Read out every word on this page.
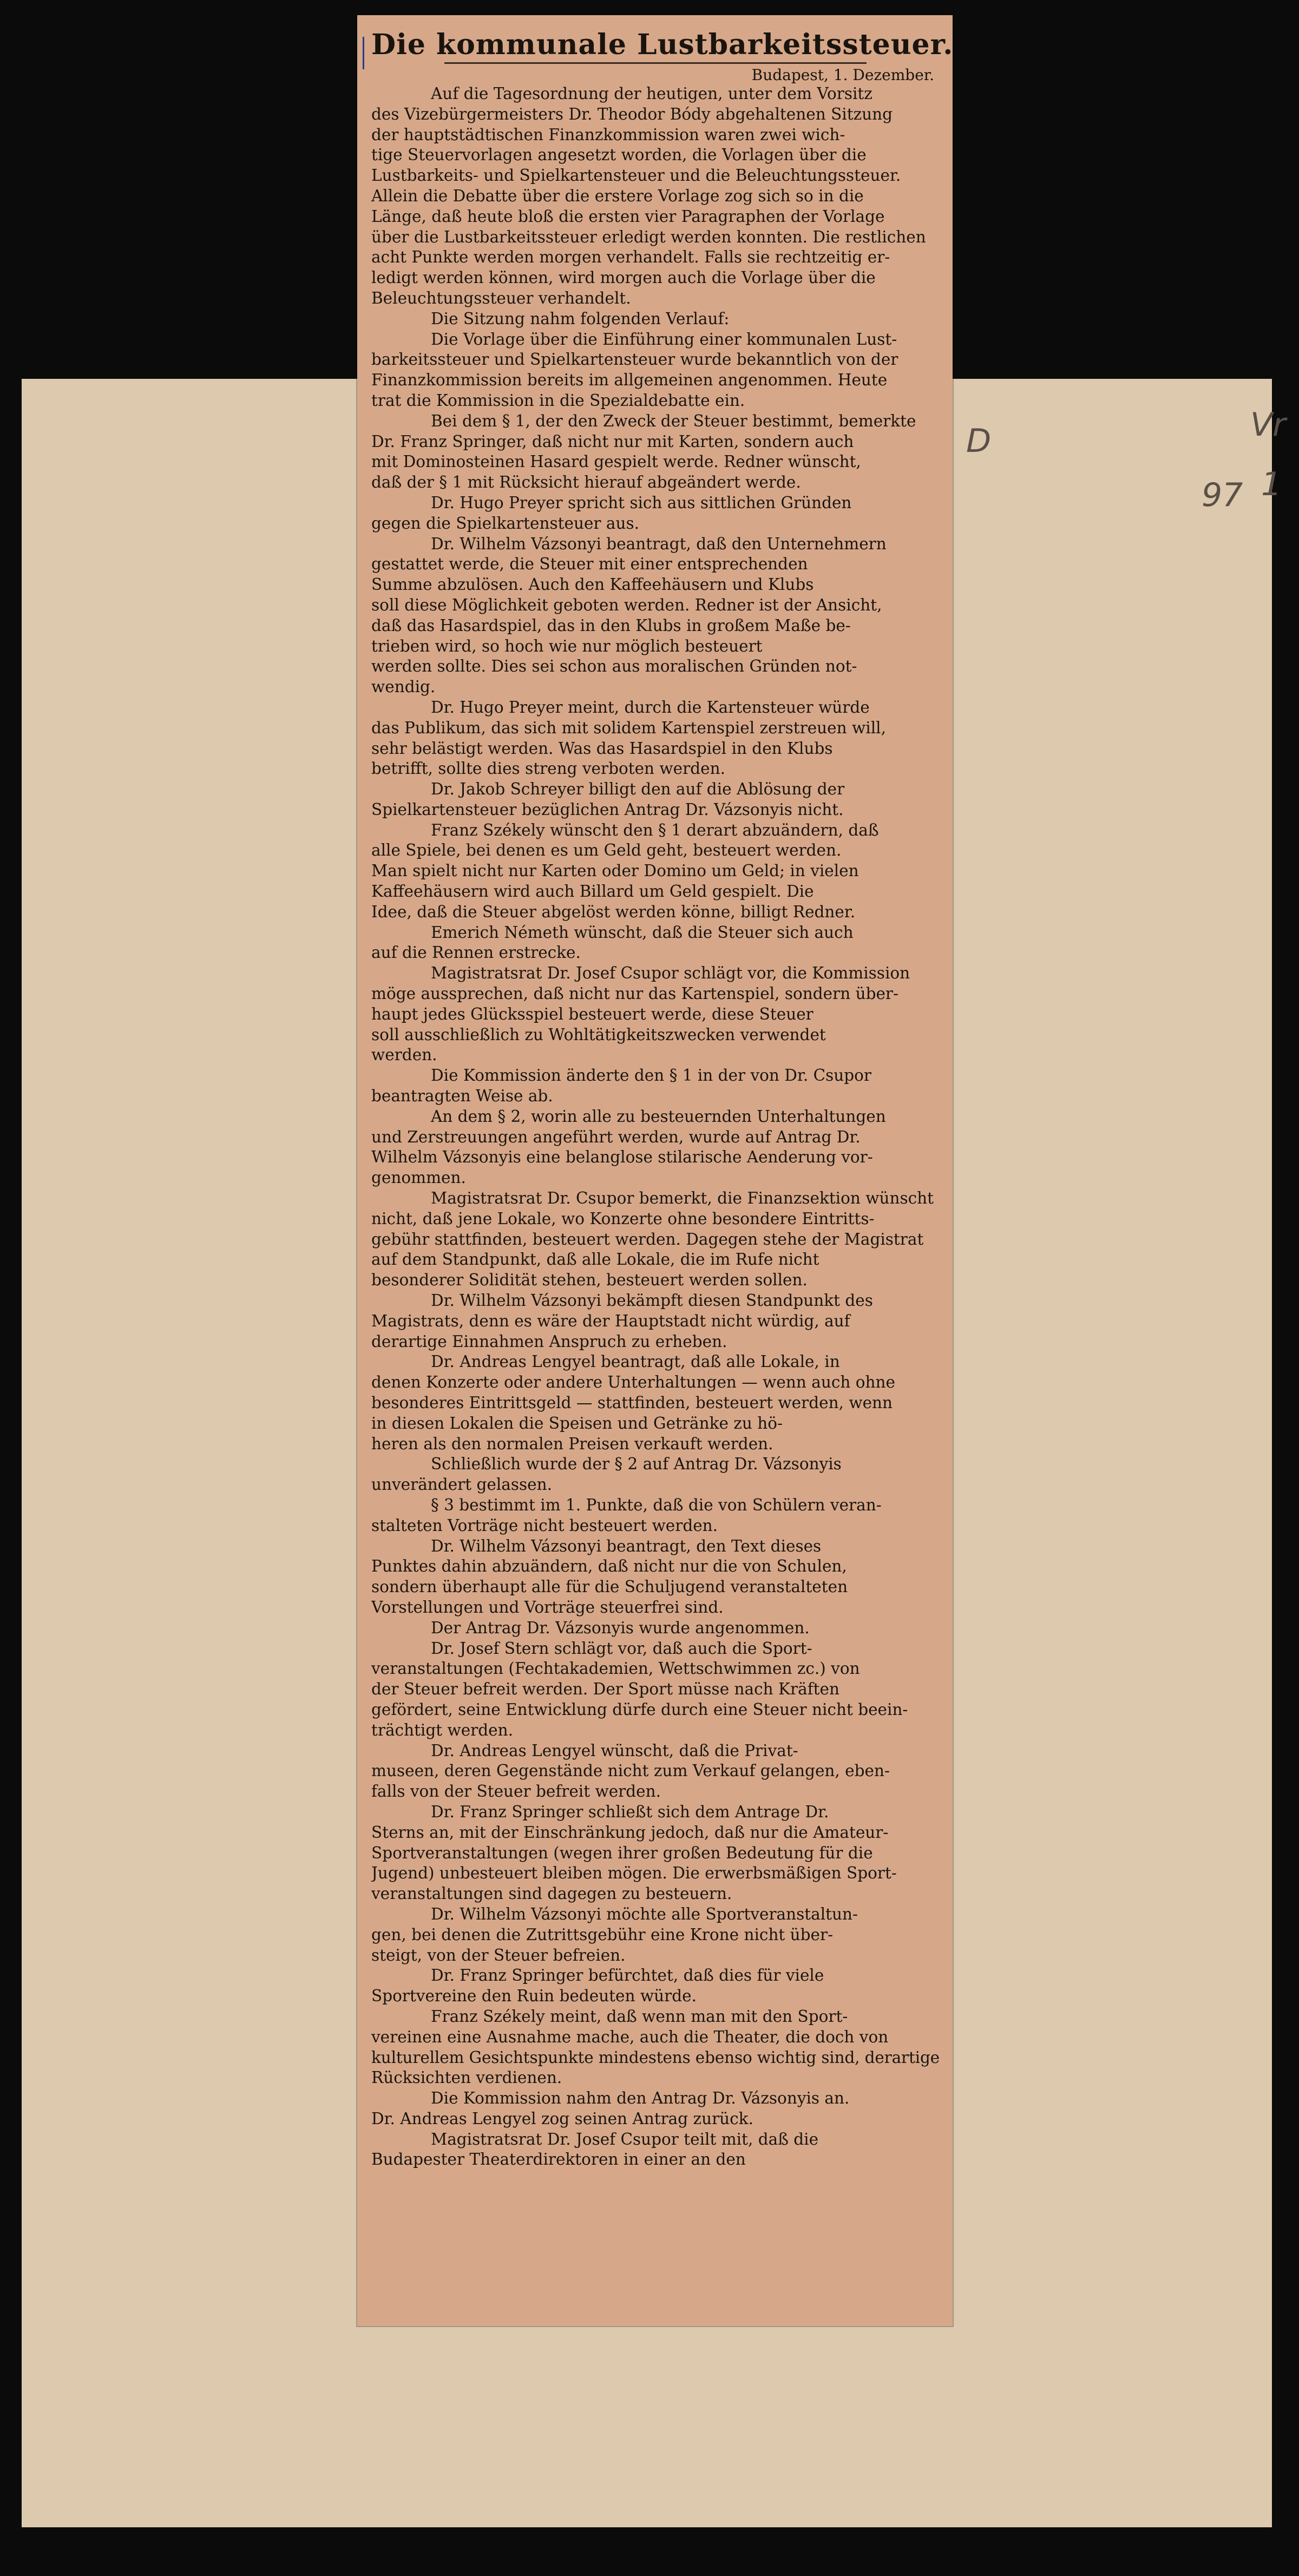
D	Vr
1
97
Die kommunale Lustbarkeitssteuer.

Budapest, 1. Dezember.

Auf die Tagesordnung der heutigen, unter dem Vorsitz
des Vizebürgermeisters Dr. Theodor Bódy abgehaltenen Sitzung
der hauptstädtischen Finanzkommission waren zwei wich-
tige Steuervorlagen angesetzt worden, die Vorlagen über die
Lustbarkeits- und Spielkartensteuer und die Beleuchtungssteuer.
Allein die Debatte über die erstere Vorlage zog sich so in die
Länge, daß heute bloß die ersten vier Paragraphen der Vorlage
über die Lustbarkeitssteuer erledigt werden konnten. Die restlichen
acht Punkte werden morgen verhandelt. Falls sie rechtzeitig er-
ledigt werden können, wird morgen auch die Vorlage über die
Beleuchtungssteuer verhandelt.

Die Sitzung nahm folgenden Verlauf:

Die Vorlage über die Einführung einer kommunalen Lust-
barkeitssteuer und Spielkartensteuer wurde bekanntlich von der
Finanzkommission bereits im allgemeinen angenommen. Heute
trat die Kommission in die Spezialdebatte ein.

Bei dem § 1, der den Zweck der Steuer bestimmt, bemerkte
Dr. Franz Springer, daß nicht nur mit Karten, sondern auch
mit Dominosteinen Hasard gespielt werde. Redner wünscht,
daß der § 1 mit Rücksicht hierauf abgeändert werde.

Dr. Hugo Preyer spricht sich aus sittlichen Gründen
gegen die Spielkartensteuer aus.

Dr. Wilhelm Vázsonyi beantragt, daß den Unternehmern
gestattet werde, die Steuer mit einer entsprechenden
Summe abzulösen. Auch den Kaffeehäusern und Klubs
soll diese Möglichkeit geboten werden. Redner ist der Ansicht,
daß das Hasardspiel, das in den Klubs in großem Maße be-
trieben wird, so hoch wie nur möglich besteuert
werden sollte. Dies sei schon aus moralischen Gründen not-
wendig.

Dr. Hugo Preyer meint, durch die Kartensteuer würde
das Publikum, das sich mit solidem Kartenspiel zerstreuen will,
sehr belästigt werden. Was das Hasardspiel in den Klubs
betrifft, sollte dies streng verboten werden.

Dr. Jakob Schreyer billigt den auf die Ablösung der
Spielkartensteuer bezüglichen Antrag Dr. Vázsonyis nicht.

Franz Székely wünscht den § 1 derart abzuändern, daß
alle Spiele, bei denen es um Geld geht, besteuert werden.
Man spielt nicht nur Karten oder Domino um Geld; in vielen
Kaffeehäusern wird auch Billard um Geld gespielt. Die
Idee, daß die Steuer abgelöst werden könne, billigt Redner.

Emerich Németh wünscht, daß die Steuer sich auch
auf die Rennen erstrecke.

Magistratsrat Dr. Josef Csupor schlägt vor, die Kommission
möge aussprechen, daß nicht nur das Kartenspiel, sondern über-
haupt jedes Glücksspiel besteuert werde, diese Steuer
soll ausschließlich zu Wohltätigkeitszwecken verwendet
werden.

Die Kommission änderte den § 1 in der von Dr. Csupor
beantragten Weise ab.

An dem § 2, worin alle zu besteuernden Unterhaltungen
und Zerstreuungen angeführt werden, wurde auf Antrag Dr.
Wilhelm Vázsonyis eine belanglose stilarische Aenderung vor-
genommen.

Magistratsrat Dr. Csupor bemerkt, die Finanzsektion wünscht
nicht, daß jene Lokale, wo Konzerte ohne besondere Eintritts-
gebühr stattfinden, besteuert werden. Dagegen stehe der Magistrat
auf dem Standpunkt, daß alle Lokale, die im Rufe nicht
besonderer Solidität stehen, besteuert werden sollen.

Dr. Wilhelm Vázsonyi bekämpft diesen Standpunkt des
Magistrats, denn es wäre der Hauptstadt nicht würdig, auf
derartige Einnahmen Anspruch zu erheben.

Dr. Andreas Lengyel beantragt, daß alle Lokale, in
denen Konzerte oder andere Unterhaltungen — wenn auch ohne
besonderes Eintrittsgeld — stattfinden, besteuert werden, wenn
in diesen Lokalen die Speisen und Getränke zu hö-
heren als den normalen Preisen verkauft werden.

Schließlich wurde der § 2 auf Antrag Dr. Vázsonyis
unverändert gelassen.

§ 3 bestimmt im 1. Punkte, daß die von Schülern veran-
stalteten Vorträge nicht besteuert werden.

Dr. Wilhelm Vázsonyi beantragt, den Text dieses
Punktes dahin abzuändern, daß nicht nur die von Schulen,
sondern überhaupt alle für die Schuljugend veranstalteten
Vorstellungen und Vorträge steuerfrei sind.

Der Antrag Dr. Vázsonyis wurde angenommen.

Dr. Josef Stern schlägt vor, daß auch die Sport-
veranstaltungen (Fechtakademien, Wettschwimmen zc.) von
der Steuer befreit werden. Der Sport müsse nach Kräften
gefördert, seine Entwicklung dürfe durch eine Steuer nicht beein-
trächtigt werden.

Dr. Andreas Lengyel wünscht, daß die Privat-
museen, deren Gegenstände nicht zum Verkauf gelangen, eben-
falls von der Steuer befreit werden.

Dr. Franz Springer schließt sich dem Antrage Dr.
Sterns an, mit der Einschränkung jedoch, daß nur die Amateur-
Sportveranstaltungen (wegen ihrer großen Bedeutung für die
Jugend) unbesteuert bleiben mögen. Die erwerbsmäßigen Sport-
veranstaltungen sind dagegen zu besteuern.

Dr. Wilhelm Vázsonyi möchte alle Sportveranstaltun-
gen, bei denen die Zutrittsgebühr eine Krone nicht über-
steigt, von der Steuer befreien.

Dr. Franz Springer befürchtet, daß dies für viele
Sportvereine den Ruin bedeuten würde.

Franz Székely meint, daß wenn man mit den Sport-
vereinen eine Ausnahme mache, auch die Theater, die doch von
kulturellem Gesichtspunkte mindestens ebenso wichtig sind, derartige
Rücksichten verdienen.

Die Kommission nahm den Antrag Dr. Vázsonyis an.
Dr. Andreas Lengyel zog seinen Antrag zurück.

Magistratsrat Dr. Josef Csupor teilt mit, daß die
Budapester Theaterdirektoren in einer an den
